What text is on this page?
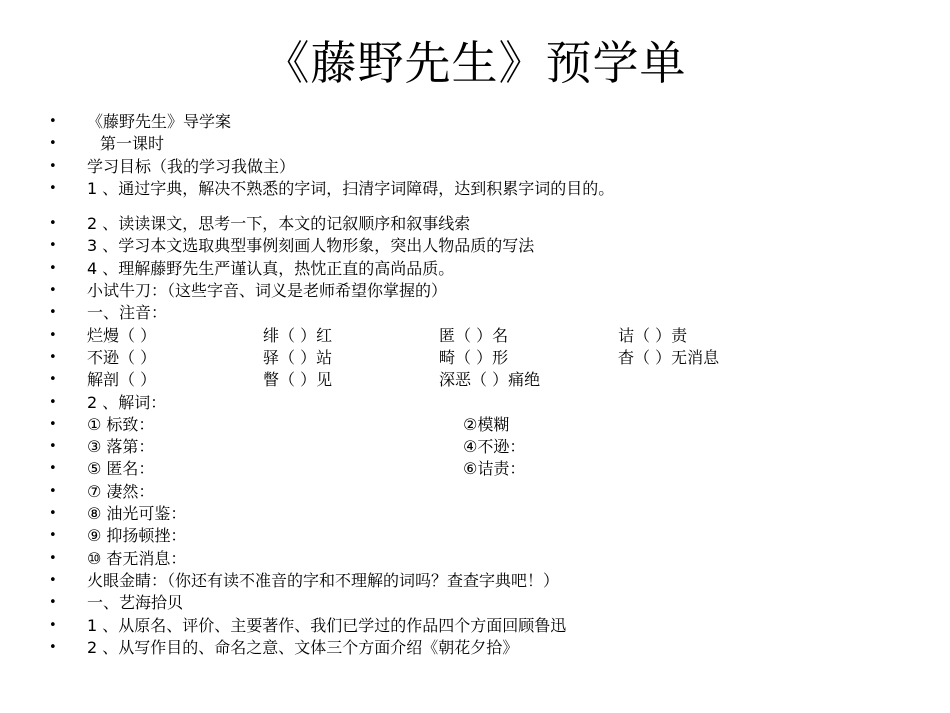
《藤野先生》预学单
• 《藤野先生》导学案
•	第一课时
• 学习目标（我的学习我做主）
• 1 、通过字典，解决不熟悉的字词，扫清字词障碍，达到积累字词的目的。
• 2 、读读课文，思考一下，本文的记叙顺序和叙事线索
• 3 、学习本文选取典型事例刻画人物形象，突出人物品质的写法
• 4 、理解藤野先生严谨认真，热忱正直的高尚品质。
• 小试牛刀：（这些字音、词义是老师希望你掌握的）
• 一、注音：
• 烂熳（ ）	绯（ ）红	匿（ ）名	诘（ ）责
• 不逊（ ）	驿（ ）站	畸（ ）形	杳（ ）无消息
• 解剖（ ）	瞥（ ）见	深恶（ ）痛绝
• 2 、解词：
• ① 标致：	②模糊
• ③ 落第：	④不逊：
• ⑤ 匿名：	⑥诘责：
• ⑦ 凄然：
• ⑧ 油光可鉴：
• ⑨ 抑扬顿挫：
• ⑩ 杳无消息：
• 火眼金睛：（你还有读不准音的字和不理解的词吗？查查字典吧！）
• 一、艺海拾贝
• 1 、从原名、评价、主要著作、我们已学过的作品四个方面回顾鲁迅
• 2 、从写作目的、命名之意、文体三个方面介绍《朝花夕拾》
